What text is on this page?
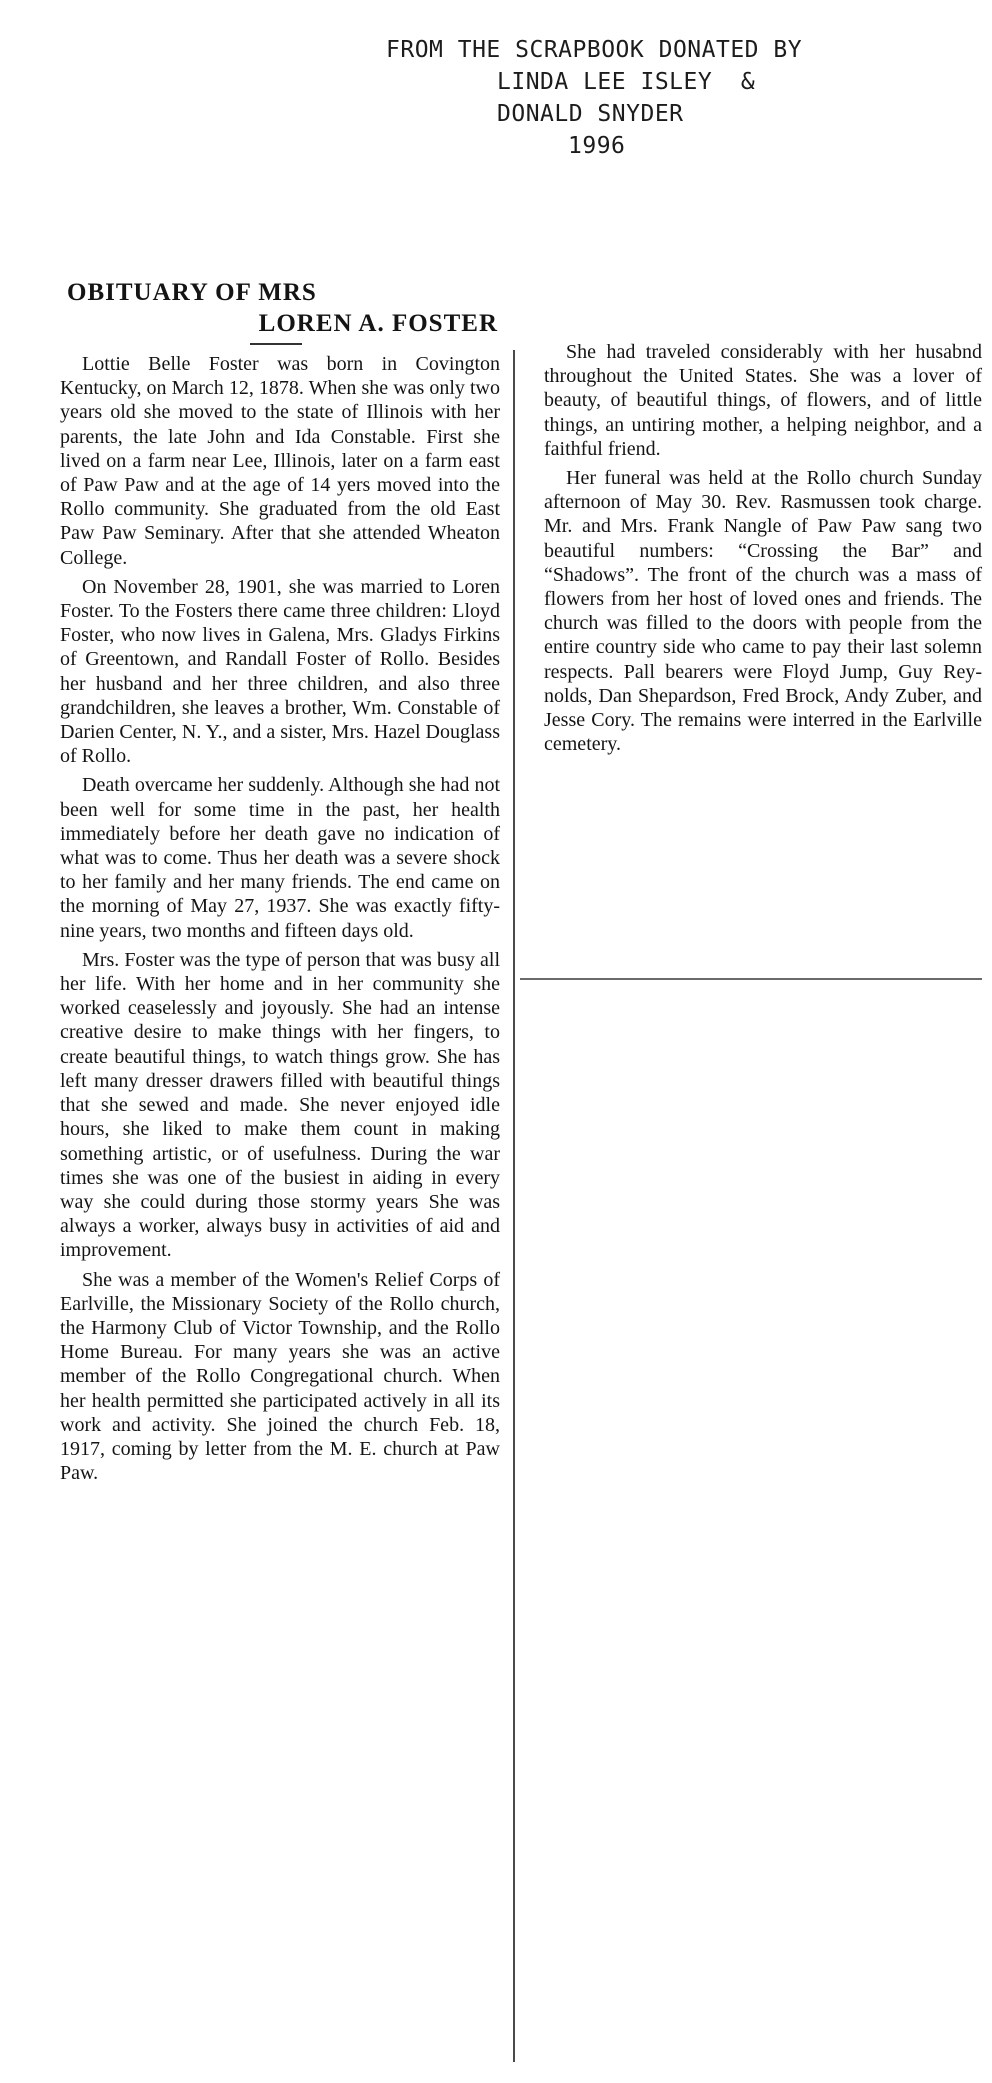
FROM THE SCRAPBOOK DONATED BY
LINDA LEE ISLEY  &
DONALD SNYDER
1996
OBITUARY OF MRS
LOREN A. FOSTER

Lottie Belle Foster was born in Covington Kentucky, on March 12, 1878. When she was only two years old she moved to the state of Illinois with her parents, the late John and Ida Constable. First she lived on a farm near Lee, Illinois, later on a farm east of Paw Paw and at the age of 14 yers moved into the Rollo community. She graduated from the old East Paw Paw Seminary. After that she attended Wheaton College.

On November 28, 1901, she was married to Loren Foster. To the Fosters there came three children: Lloyd Foster, who now lives in Galena, Mrs. Gladys Firkins of Greentown, and Randall Foster of Rollo. Besides her husband and her three children, and also three grandchildren, she leaves a brother, Wm. Constable of Darien Center, N. Y., and a sister, Mrs. Hazel Douglass of Rollo.

Death overcame her suddenly. Although she had not been well for some time in the past, her health immediately before her death gave no indication of what was to come. Thus her death was a severe shock to her family and her many friends. The end came on the morning of May 27, 1937. She was exactly fifty-nine years, two months and fifteen days old.

Mrs. Foster was the type of person that was busy all her life. With her home and in her community she worked ceaselessly and joyously. She had an intense creative desire to make things with her fingers, to create beautiful things, to watch things grow. She has left many dresser drawers filled with beautiful things that she sewed and made. She never enjoyed idle hours, she liked to make them count in making something artistic, or of usefulness. During the war times she was one of the busiest in aiding in every way she could during those stormy years She was always a worker, always busy in activities of aid and improvement.

She was a member of the Women's Relief Corps of Earlville, the Missionary Society of the Rollo church, the Harmony Club of Victor Township, and the Rollo Home Bureau. For many years she was an active member of the Rollo Congregational church. When her health permitted she participated actively in all its work and activity. She joined the church Feb. 18, 1917, coming by letter from the M. E. church at Paw Paw.

She had traveled considerably with her husabnd throughout the United States. She was a lover of beauty, of beautiful things, of flowers, and of little things, an untiring mother, a helping neighbor, and a faithful friend.

Her funeral was held at the Rollo church Sunday afternoon of May 30. Rev. Rasmussen took charge. Mr. and Mrs. Frank Nangle of Paw Paw sang two beautiful numbers: “Crossing the Bar” and “Shadows”. The front of the church was a mass of flowers from her host of loved ones and friends. The church was filled to the doors with people from the entire country side who came to pay their last solemn respects. Pall bearers were Floyd Jump, Guy Reynolds, Dan Shepardson, Fred Brock, Andy Zuber, and Jesse Cory. The remains were interred in the Earlville cemetery.
